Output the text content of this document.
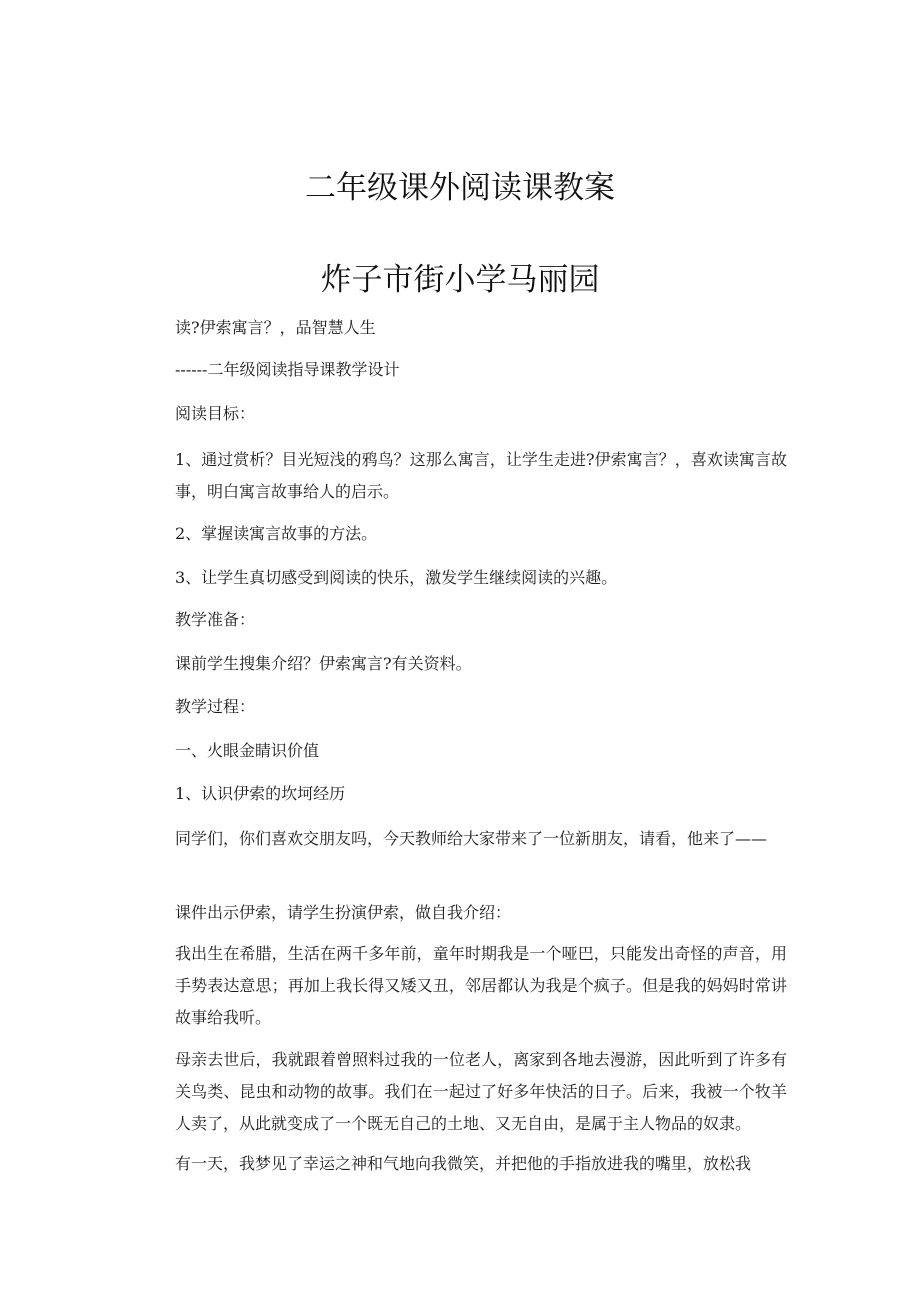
二年级课外阅读课教案
炸子市街小学马丽园
读?伊索寓言？，品智慧人生
------二年级阅读指导课教学设计
阅读目标：
1、通过赏析？目光短浅的鸦鸟？这那么寓言，让学生走进?伊索寓言？，喜欢读寓言故事，明白寓言故事给人的启示。
2、掌握读寓言故事的方法。
3、让学生真切感受到阅读的快乐，激发学生继续阅读的兴趣。
教学准备：
课前学生搜集介绍？伊索寓言?有关资料。
教学过程：
一、火眼金睛识价值
1、认识伊索的坎坷经历
同学们，你们喜欢交朋友吗，今天教师给大家带来了一位新朋友，请看，他来了——
课件出示伊索，请学生扮演伊索，做自我介绍：
我出生在希腊，生活在两千多年前，童年时期我是一个哑巴，只能发出奇怪的声音，用手势表达意思；再加上我长得又矮又丑，邻居都认为我是个疯子。但是我的妈妈时常讲故事给我听。
母亲去世后，我就跟着曾照料过我的一位老人，离家到各地去漫游，因此听到了许多有关鸟类、昆虫和动物的故事。我们在一起过了好多年快活的日子。后来，我被一个牧羊人卖了，从此就变成了一个既无自己的土地、又无自由，是属于主人物品的奴隶。
有一天，我梦见了幸运之神和气地向我微笑，并把他的手指放进我的嘴里，放松我
